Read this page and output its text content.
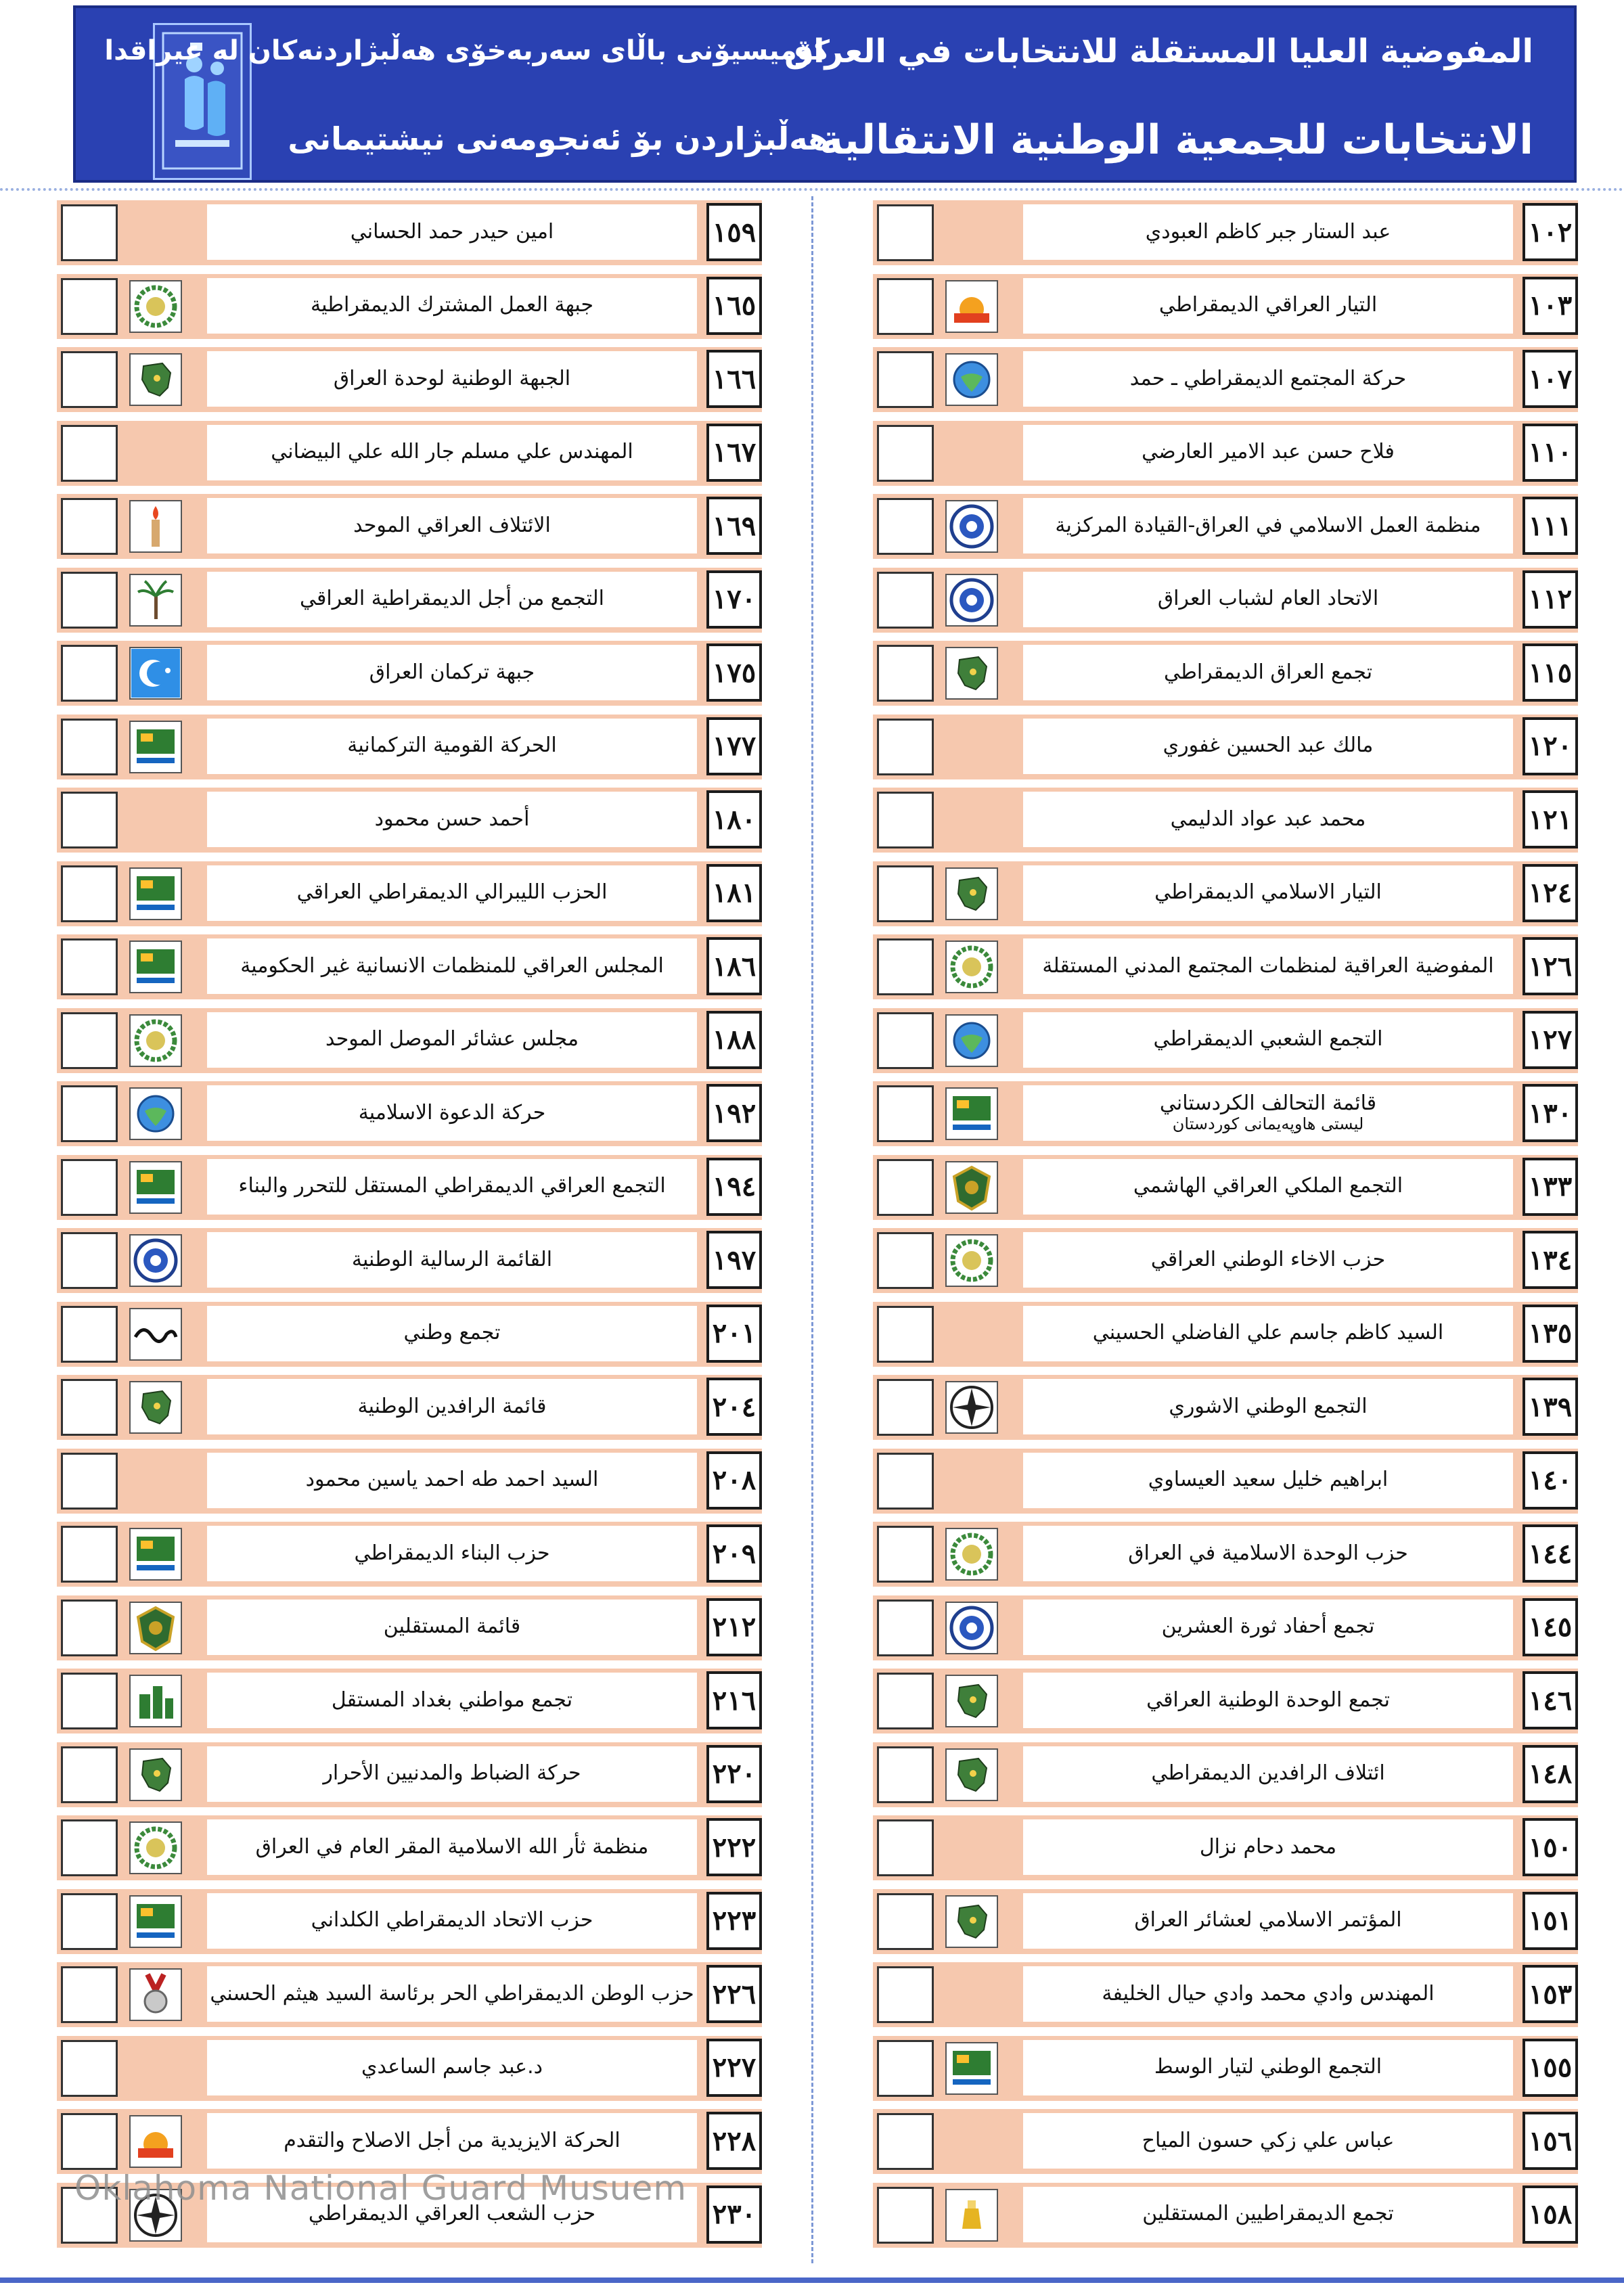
المفوضية العليا المستقلة للانتخابات في العراق
كۆمیسیۆنی باڵای سەربەخۆی هەڵبژاردنەكان لە عیراقدا
الانتخابات للجمعية الوطنية الانتقالية
هەڵبژاردن بۆ ئەنجومەنی نیشتیمانی
١٠٢
عبد الستار جبر كاظم العبودي
١٠٣
التيار العراقي الديمقراطي
١٠٧
حركة المجتمع الديمقراطي ـ حمد
١١٠
فلاح حسن عبد الامير العارضي
١١١
منظمة العمل الاسلامي في العراق-القيادة المركزية
١١٢
الاتحاد العام لشباب العراق
١١٥
تجمع العراق الديمقراطي
١٢٠
مالك عبد الحسين غفوري
١٢١
محمد عبد عواد الدليمي
١٢٤
التيار الاسلامي الديمقراطي
١٢٦
المفوضية العراقية لمنظمات المجتمع المدني المستقلة
١٢٧
التجمع الشعبي الديمقراطي
١٣٠
قائمة التحالف الكردستاني
لیستی هاوپەیمانی كوردستان
١٣٣
التجمع الملكي العراقي الهاشمي
١٣٤
حزب الاخاء الوطني العراقي
١٣٥
السيد كاظم جاسم علي الفاضلي الحسيني
١٣٩
التجمع الوطني الاشوري
١٤٠
ابراهيم خليل سعيد العيساوي
١٤٤
حزب الوحدة الاسلامية في العراق
١٤٥
تجمع أحفاد ثورة العشرين
١٤٦
تجمع الوحدة الوطنية العراقي
١٤٨
ائتلاف الرافدين الديمقراطي
١٥٠
محمد دحام نزال
١٥١
المؤتمر الاسلامي لعشائر العراق
١٥٣
المهندس وادي محمد وادي حيال الخليفة
١٥٥
التجمع الوطني لتيار الوسط
١٥٦
عباس علي زكي حسون المياح
١٥٨
تجمع الديمقراطيين المستقلين
١٥٩
امين حيدر حمد الحساني
١٦٥
جبهة العمل المشترك الديمقراطية
١٦٦
الجبهة الوطنية لوحدة العراق
١٦٧
المهندس علي مسلم جار الله علي البيضاني
١٦٩
الائتلاف العراقي الموحد
١٧٠
التجمع من أجل الديمقراطية العراقي
١٧٥
جبهة تركمان العراق
١٧٧
الحركة القومية التركمانية
١٨٠
أحمد حسن محمود
١٨١
الحزب الليبرالي الديمقراطي العراقي
١٨٦
المجلس العراقي للمنظمات الانسانية غير الحكومية
١٨٨
مجلس عشائر الموصل الموحد
١٩٢
حركة الدعوة الاسلامية
١٩٤
التجمع العراقي الديمقراطي المستقل للتحرر والبناء
١٩٧
القائمة الرسالية الوطنية
٢٠١
تجمع وطني
٢٠٤
قائمة الرافدين الوطنية
٢٠٨
السيد احمد طه احمد ياسين محمود
٢٠٩
حزب البناء الديمقراطي
٢١٢
قائمة المستقلين
٢١٦
تجمع مواطني بغداد المستقل
٢٢٠
حركة الضباط والمدنيين الأحرار
٢٢٢
منظمة ثأر الله الاسلامية المقر العام في العراق
٢٢٣
حزب الاتحاد الديمقراطي الكلداني
٢٢٦
حزب الوطن الديمقراطي الحر برئاسة السيد هيثم الحسني
٢٢٧
د.عبد جاسم الساعدي
٢٢٨
الحركة الايزيدية من أجل الاصلاح والتقدم
٢٣٠
حزب الشعب العراقي الديمقراطي
Oklahoma National Guard Musuem
